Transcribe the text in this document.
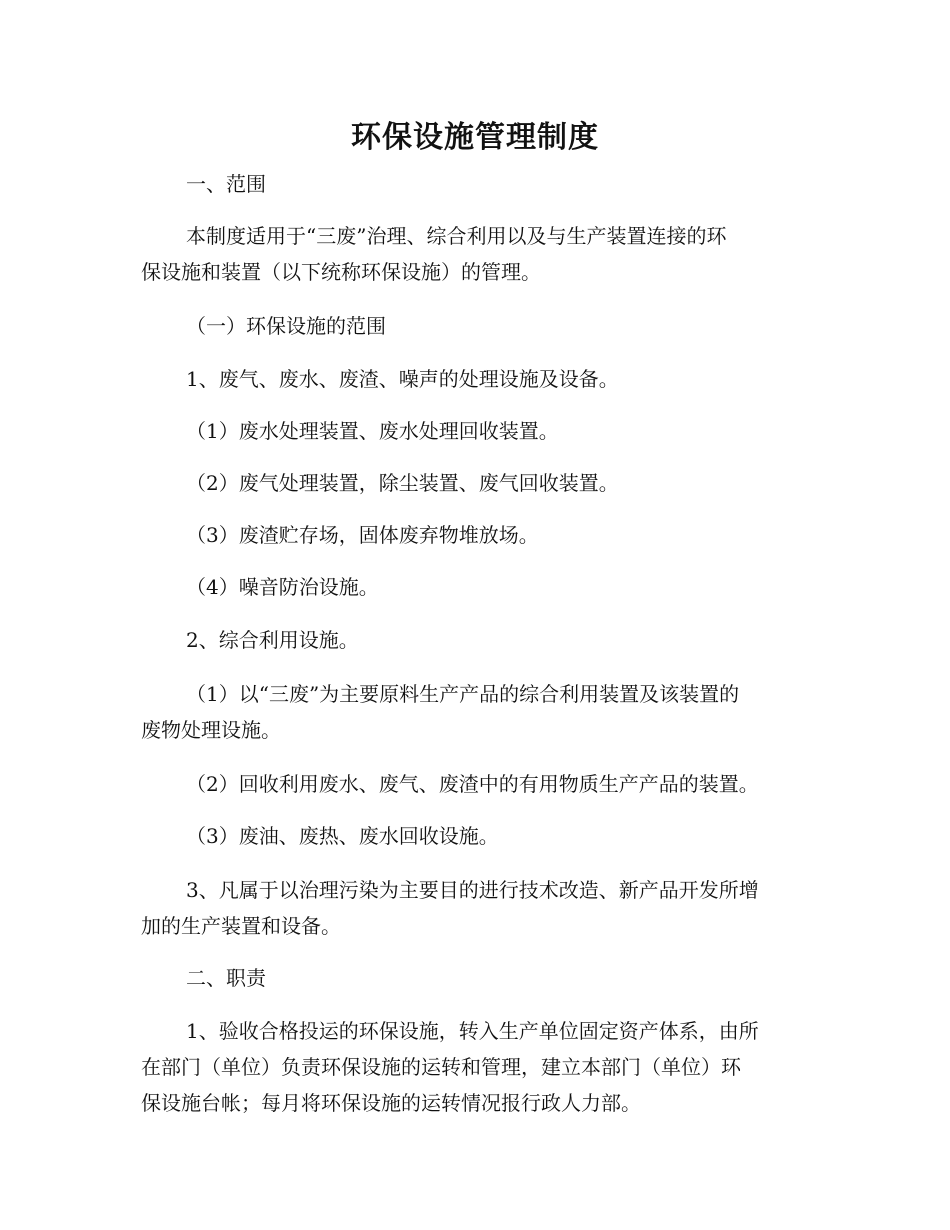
环保设施管理制度
一、范围
本制度适用于“三废”治理、综合利用以及与生产装置连接的环
保设施和装置（以下统称环保设施）的管理。
（一）环保设施的范围
1、废气、废水、废渣、噪声的处理设施及设备。
（1）废水处理装置、废水处理回收装置。
（2）废气处理装置，除尘装置、废气回收装置。
（3）废渣贮存场，固体废弃物堆放场。
（4）噪音防治设施。
2、综合利用设施。
（1）以“三废”为主要原料生产产品的综合利用装置及该装置的
废物处理设施。
（2）回收利用废水、废气、废渣中的有用物质生产产品的装置。
（3）废油、废热、废水回收设施。
3、凡属于以治理污染为主要目的进行技术改造、新产品开发所增
加的生产装置和设备。
二、职责
1、验收合格投运的环保设施，转入生产单位固定资产体系，由所
在部门（单位）负责环保设施的运转和管理，建立本部门（单位）环
保设施台帐；每月将环保设施的运转情况报行政人力部。
